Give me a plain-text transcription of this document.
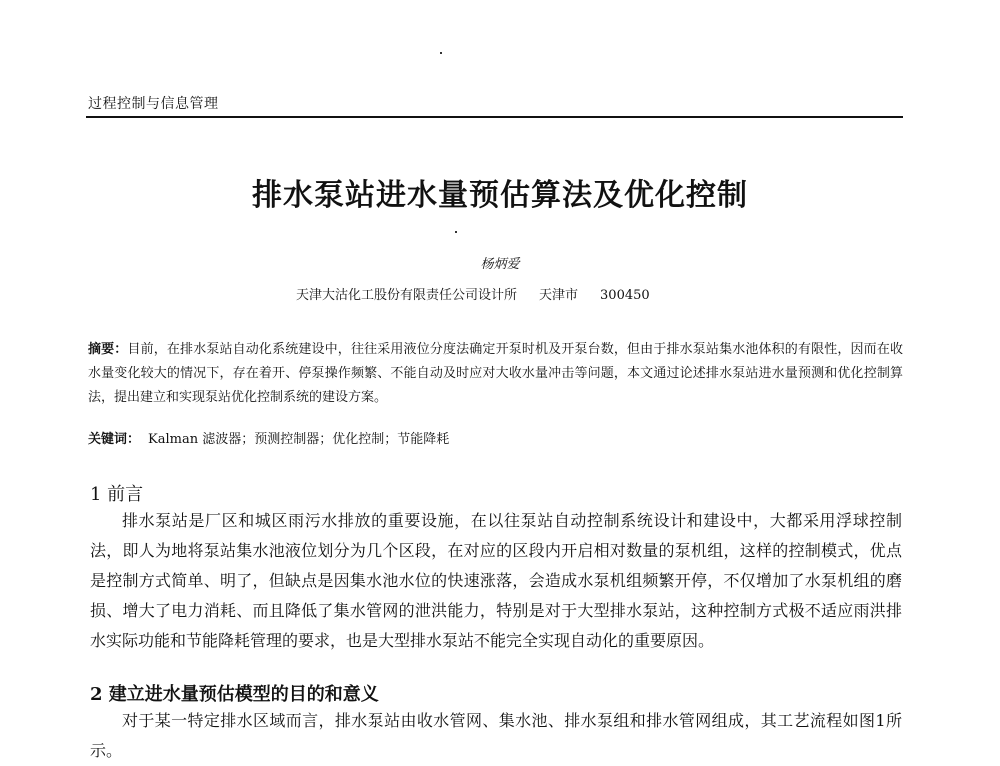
过程控制与信息管理
排水泵站进水量预估算法及优化控制
杨炳爱
天津大沽化工股份有限责任公司设计所 天津市 300450

摘要：目前，在排水泵站自动化系统建设中，往往采用液位分度法确定开泵时机及开泵台数，但由于排水泵站集水池体积的有限性，因而在收水量变化较大的情况下，存在着开、停泵操作频繁、不能自动及时应对大收水量冲击等问题，本文通过论述排水泵站进水量预测和优化控制算法，提出建立和实现泵站优化控制系统的建设方案。

关键词： Kalman 滤波器；预测控制器；优化控制；节能降耗

1 前言

排水泵站是厂区和城区雨污水排放的重要设施，在以往泵站自动控制系统设计和建设中，大都采用浮球控制法，即人为地将泵站集水池液位划分为几个区段，在对应的区段内开启相对数量的泵机组，这样的控制模式，优点是控制方式简单、明了，但缺点是因集水池水位的快速涨落，会造成水泵机组频繁开停，不仅增加了水泵机组的磨损、增大了电力消耗、而且降低了集水管网的泄洪能力，特别是对于大型排水泵站，这种控制方式极不适应雨洪排水实际功能和节能降耗管理的要求，也是大型排水泵站不能完全实现自动化的重要原因。

2 建立进水量预估模型的目的和意义

对于某一特定排水区域而言，排水泵站由收水管网、集水池、排水泵组和排水管网组成，其工艺流程如图1所示。
